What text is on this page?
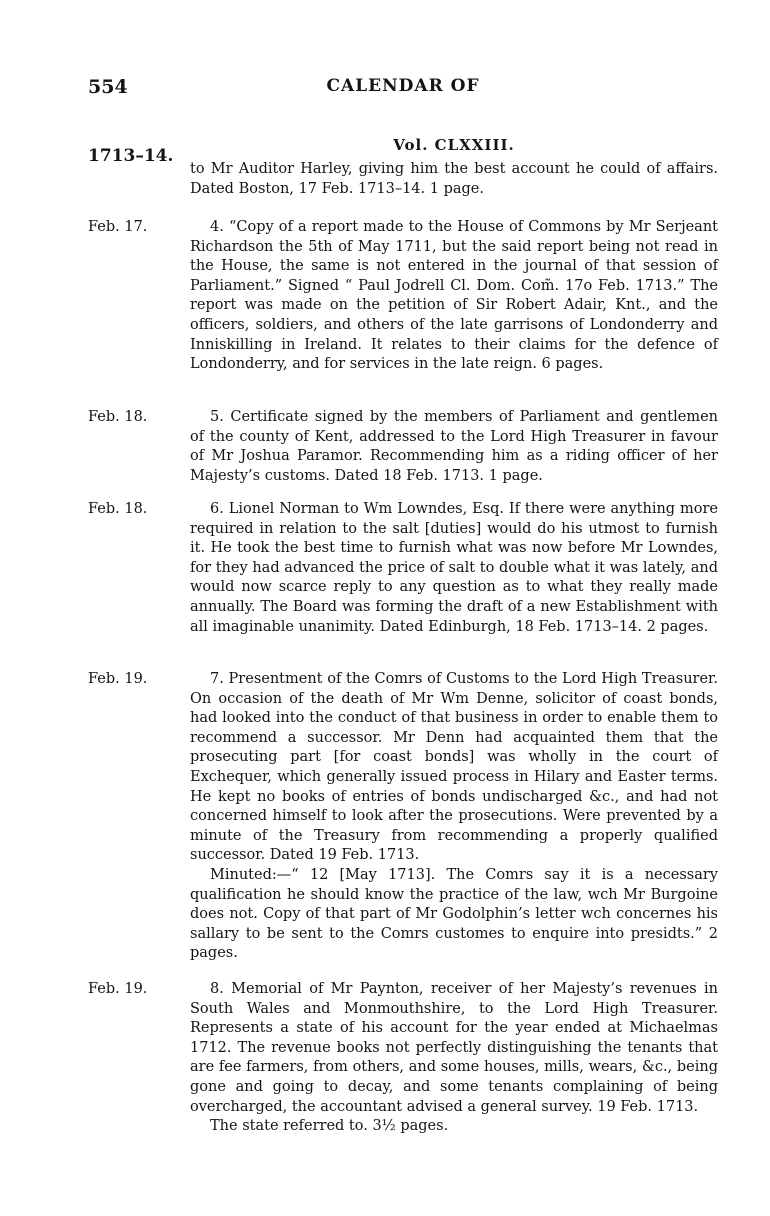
554	CALENDAR OF
1713–14.
Vol. CLXXIII.

to Mr Auditor Harley, giving him the best account he could of affairs. Dated Boston, 17 Feb. 1713–14. 1 page.

Feb. 17.	4. “Copy of a report made to the House of Commons by Mr Serjeant Richardson the 5th of May 1711, but the said report being not read in the House, the same is not entered in the journal of that session of Parliament.” Signed “ Paul Jodrell Cl. Dom. Com̃. 17o Feb. 1713.” The report was made on the petition of Sir Robert Adair, Knt., and the officers, soldiers, and others of the late garrisons of Londonderry and Inniskilling in Ireland. It relates to their claims for the defence of Londonderry, and for services in the late reign. 6 pages.

Feb. 18.	5. Certificate signed by the members of Parliament and gentlemen of the county of Kent, addressed to the Lord High Treasurer in favour of Mr Joshua Paramor. Recommending him as a riding officer of her Majesty’s customs. Dated 18 Feb. 1713. 1 page.

Feb. 18.	6. Lionel Norman to Wm Lowndes, Esq. If there were anything more required in relation to the salt [duties] would do his utmost to furnish it. He took the best time to furnish what was now before Mr Lowndes, for they had advanced the price of salt to double what it was lately, and would now scarce reply to any question as to what they really made annually. The Board was forming the draft of a new Establishment with all imaginable unanimity. Dated Edinburgh, 18 Feb. 1713–14. 2 pages.

Feb. 19.	7. Presentment of the Comrs of Customs to the Lord High Treasurer. On occasion of the death of Mr Wm Denne, solicitor of coast bonds, had looked into the conduct of that business in order to enable them to recommend a successor. Mr Denn had acquainted them that the prosecuting part [for coast bonds] was wholly in the court of Exchequer, which generally issued process in Hilary and Easter terms. He kept no books of entries of bonds undischarged &c., and had not concerned himself to look after the prosecutions. Were prevented by a minute of the Treasury from recommending a properly qualified successor. Dated 19 Feb. 1713.

Minuted:—“ 12 [May 1713]. The Comrs say it is a necessary qualification he should know the practice of the law, wch Mr Burgoine does not. Copy of that part of Mr Godolphin’s letter wch concernes his sallary to be sent to the Comrs customes to enquire into presidts.” 2 pages.

Feb. 19.	8. Memorial of Mr Paynton, receiver of her Majesty’s revenues in South Wales and Monmouthshire, to the Lord High Treasurer. Represents a state of his account for the year ended at Michaelmas 1712. The revenue books not perfectly distinguishing the tenants that are fee farmers, from others, and some houses, mills, wears, &c., being gone and going to decay, and some tenants complaining of being overcharged, the accountant advised a general survey. 19 Feb. 1713.

The state referred to. 3½ pages.
